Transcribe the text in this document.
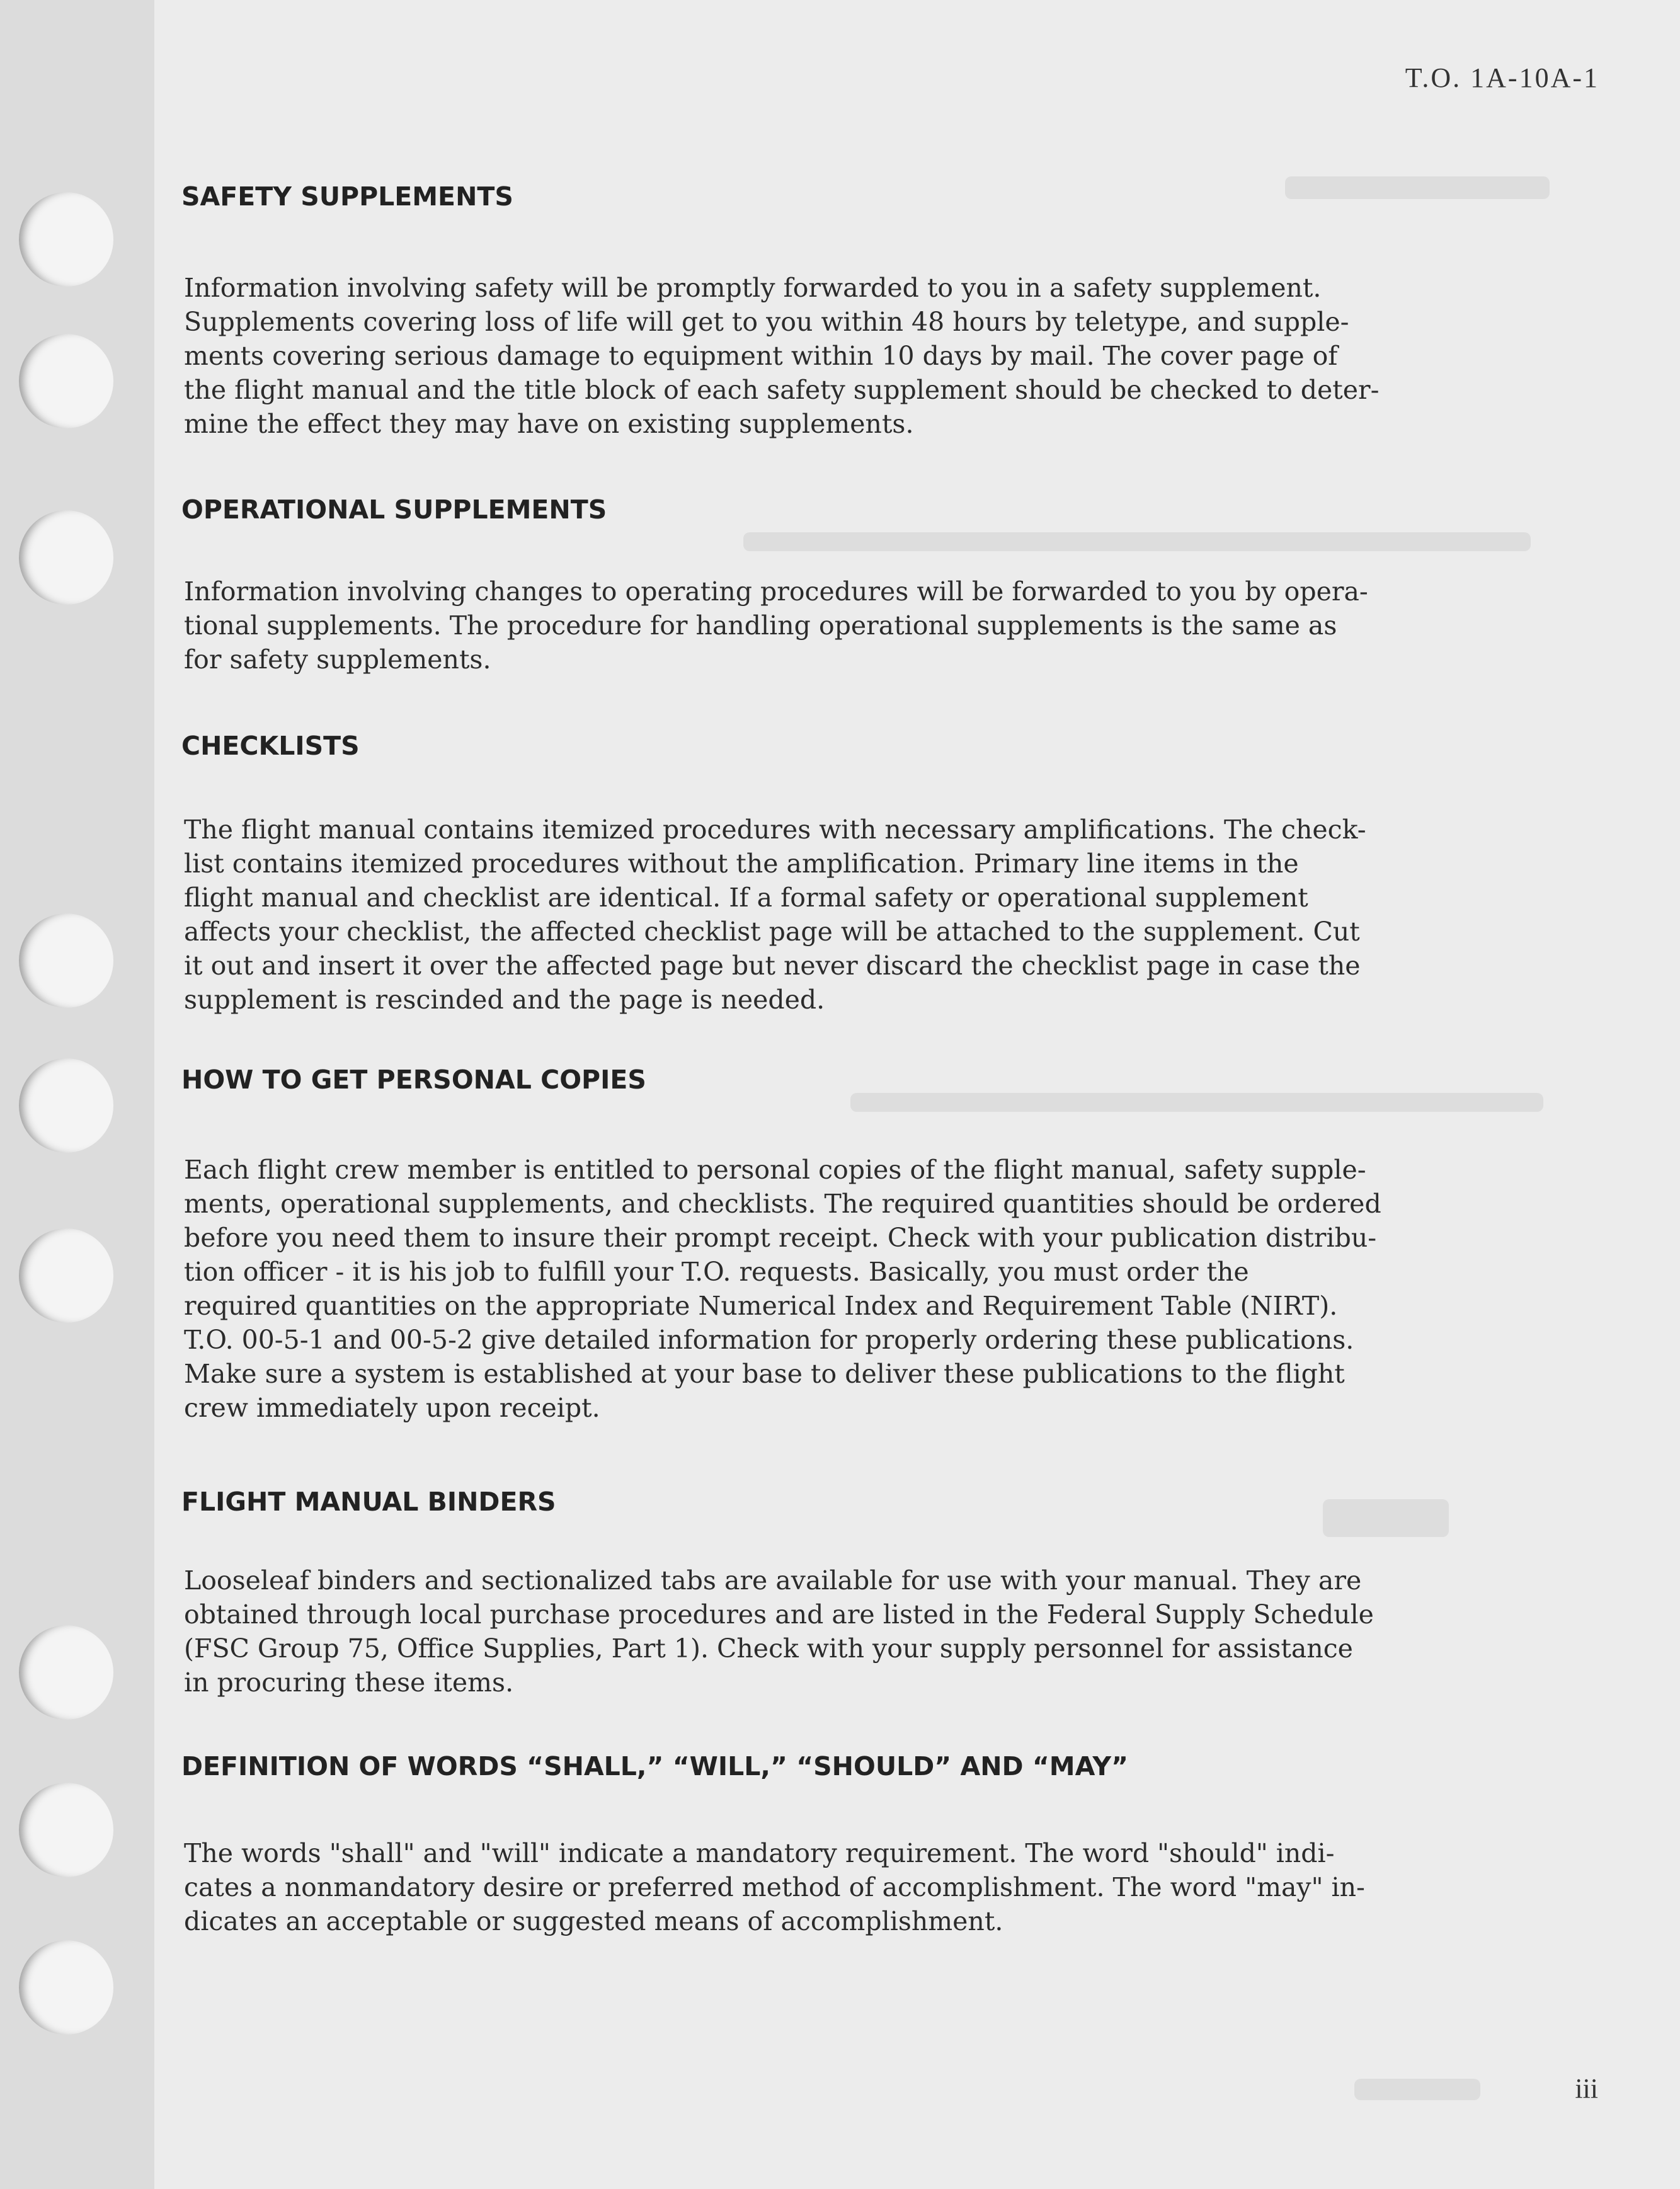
T.O. 1A-10A-1
SAFETY SUPPLEMENTS

Information involving safety will be promptly forwarded to you in a safety supplement.
Supplements covering loss of life will get to you within 48 hours by teletype, and supple-
ments covering serious damage to equipment within 10 days by mail. The cover page of
the flight manual and the title block of each safety supplement should be checked to deter-
mine the effect they may have on existing supplements.

OPERATIONAL SUPPLEMENTS

Information involving changes to operating procedures will be forwarded to you by opera-
tional supplements. The procedure for handling operational supplements is the same as
for safety supplements.

CHECKLISTS

The flight manual contains itemized procedures with necessary amplifications. The check-
list contains itemized procedures without the amplification. Primary line items in the
flight manual and checklist are identical. If a formal safety or operational supplement
affects your checklist, the affected checklist page will be attached to the supplement. Cut
it out and insert it over the affected page but never discard the checklist page in case the
supplement is rescinded and the page is needed.

HOW TO GET PERSONAL COPIES

Each flight crew member is entitled to personal copies of the flight manual, safety supple-
ments, operational supplements, and checklists. The required quantities should be ordered
before you need them to insure their prompt receipt. Check with your publication distribu-
tion officer - it is his job to fulfill your T.O. requests. Basically, you must order the
required quantities on the appropriate Numerical Index and Requirement Table (NIRT).
T.O. 00-5-1 and 00-5-2 give detailed information for properly ordering these publications.
Make sure a system is established at your base to deliver these publications to the flight
crew immediately upon receipt.

FLIGHT MANUAL BINDERS

Looseleaf binders and sectionalized tabs are available for use with your manual. They are
obtained through local purchase procedures and are listed in the Federal Supply Schedule
(FSC Group 75, Office Supplies, Part 1). Check with your supply personnel for assistance
in procuring these items.

DEFINITION OF WORDS “SHALL,” “WILL,” “SHOULD” AND “MAY”

The words "shall" and "will" indicate a mandatory requirement. The word "should" indi-
cates a nonmandatory desire or preferred method of accomplishment. The word "may" in-
dicates an acceptable or suggested means of accomplishment.

iii
